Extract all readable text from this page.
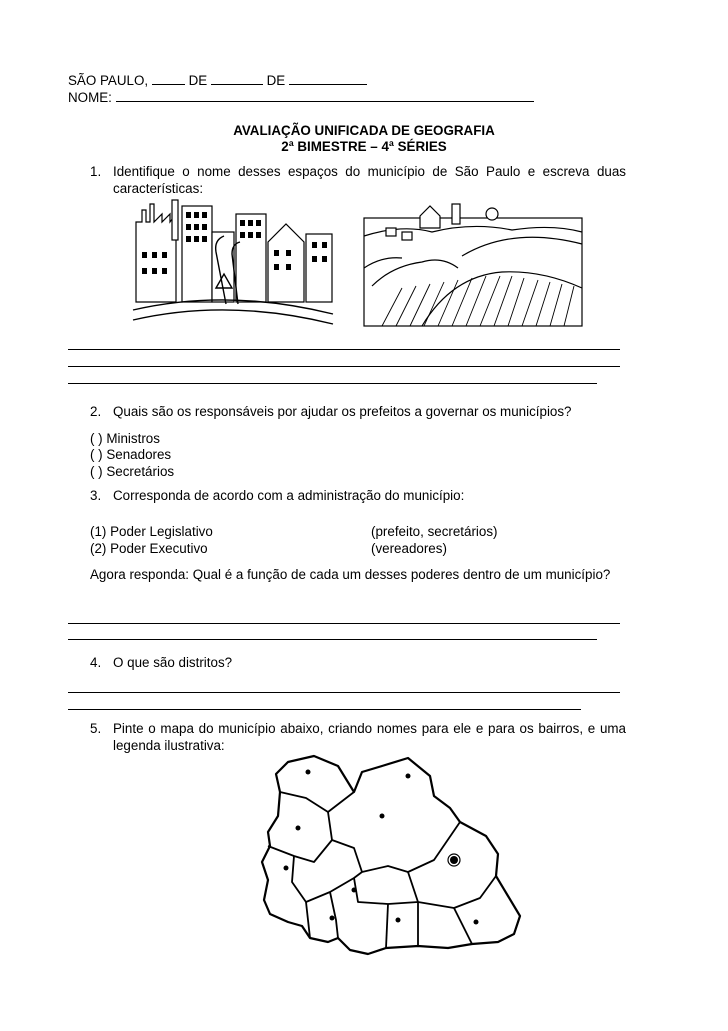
SÃO PAULO,  DE	DE
NOME:
AVALIAÇÃO UNIFICADA DE GEOGRAFIA
2ª BIMESTRE – 4ª SÉRIES
1. Identifique o nome desses espaços do município de São Paulo e escreva duas características:
2. Quais são os responsáveis por ajudar os prefeitos a governar os municípios?
( ) Ministros
( ) Senadores
( ) Secretários
3. Corresponda de acordo com a administração do município:
(1) Poder Legislativo
(2) Poder Executivo
(prefeito, secretários)
(vereadores)
Agora responda: Qual é a função de cada um desses poderes dentro de um município?
4. O que são distritos?
5. Pinte o mapa do município abaixo, criando nomes para ele e para os bairros, e uma legenda ilustrativa:
